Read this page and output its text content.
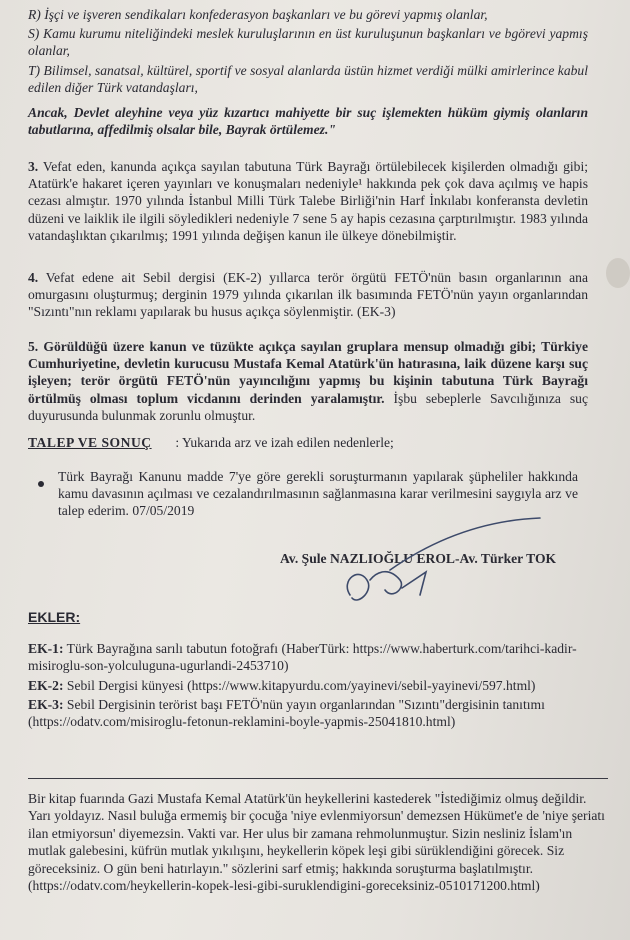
R) İşçi ve işveren sendikaları konfederasyon başkanları ve bu görevi yapmış olanlar,

S) Kamu kurumu niteliğindeki meslek kuruluşlarının en üst kuruluşunun başkanları ve bgörevi yapmış olanlar,

T) Bilimsel, sanatsal, kültürel, sportif ve sosyal alanlarda üstün hizmet verdiği mülki amirlerince kabul edilen diğer Türk vatandaşları,

Ancak, Devlet aleyhine veya yüz kızartıcı mahiyette bir suç işlemekten hüküm giymiş olanların tabutlarına, affedilmiş olsalar bile, Bayrak örtülemez."

3. Vefat eden, kanunda açıkça sayılan tabutuna Türk Bayrağı örtülebilecek kişilerden olmadığı gibi; Atatürk'e hakaret içeren yayınları ve konuşmaları nedeniyle¹ hakkında pek çok dava açılmış ve hapis cezası almıştır. 1970 yılında İstanbul Milli Türk Talebe Birliği'nin Harf İnkılabı konferansta devletin düzeni ve laiklik ile ilgili söyledikleri nedeniyle 7 sene 5 ay hapis cezasına çarptırılmıştır. 1983 yılında vatandaşlıktan çıkarılmış; 1991 yılında değişen kanun ile ülkeye dönebilmiştir.

4. Vefat edene ait Sebil dergisi (EK-2) yıllarca terör örgütü FETÖ'nün basın organlarının ana omurgasını oluşturmuş; derginin 1979 yılında çıkarılan ilk basımında FETÖ'nün yayın organlarından "Sızıntı"nın reklamı yapılarak bu husus açıkça söylenmiştir. (EK-3)

5. Görüldüğü üzere kanun ve tüzükte açıkça sayılan gruplara mensup olmadığı gibi; Türkiye Cumhuriyetine, devletin kurucusu Mustafa Kemal Atatürk'ün hatırasına, laik düzene karşı suç işleyen; terör örgütü FETÖ'nün yayıncılığını yapmış bu kişinin tabutuna Türk Bayrağı örtülmüş olması toplum vicdanını derinden yaralamıştır. İşbu sebeplerle Savcılığınıza suç duyurusunda bulunmak zorunlu olmuştur.

TALEP VE SONUÇ : Yukarıda arz ve izah edilen nedenlerle;

Türk Bayrağı Kanunu madde 7'ye göre gerekli soruşturmanın yapılarak şüpheliler hakkında kamu davasının açılması ve cezalandırılmasının sağlanmasına karar verilmesini saygıyla arz ve talep ederim. 07/05/2019

Av. Şule NAZLIOĞLU EROL-Av. Türker TOK

EKLER:

EK-1: Türk Bayrağına sarılı tabutun fotoğrafı (HaberTürk: https://www.haberturk.com/tarihci-kadir-misiroglu-son-yolculuguna-ugurlandi-2453710)

EK-2: Sebil Dergisi künyesi (https://www.kitapyurdu.com/yayinevi/sebil-yayinevi/597.html)

EK-3: Sebil Dergisinin terörist başı FETÖ'nün yayın organlarından "Sızıntı"dergisinin tanıtımı (https://odatv.com/misiroglu-fetonun-reklamini-boyle-yapmis-25041810.html)

Bir kitap fuarında Gazi Mustafa Kemal Atatürk'ün heykellerini kastederek "İstediğimiz olmuş değildir. Yarı yoldayız. Nasıl buluğa ermemiş bir çocuğa 'niye evlenmiyorsun' demezsen Hükümet'e de 'niye şeriatı ilan etmiyorsun' diyemezsin. Vakti var. Her ulus bir zamana rehmolunmuştur. Sizin nesliniz İslam'ın mutlak galebesini, küfrün mutlak yıkılışını, heykellerin köpek leşi gibi sürüklendiğini görecek. Siz göreceksiniz. O gün beni hatırlayın." sözlerini sarf etmiş; hakkında soruşturma başlatılmıştır. (https://odatv.com/heykellerin-kopek-lesi-gibi-suruklendigini-goreceksiniz-0510171200.html)
